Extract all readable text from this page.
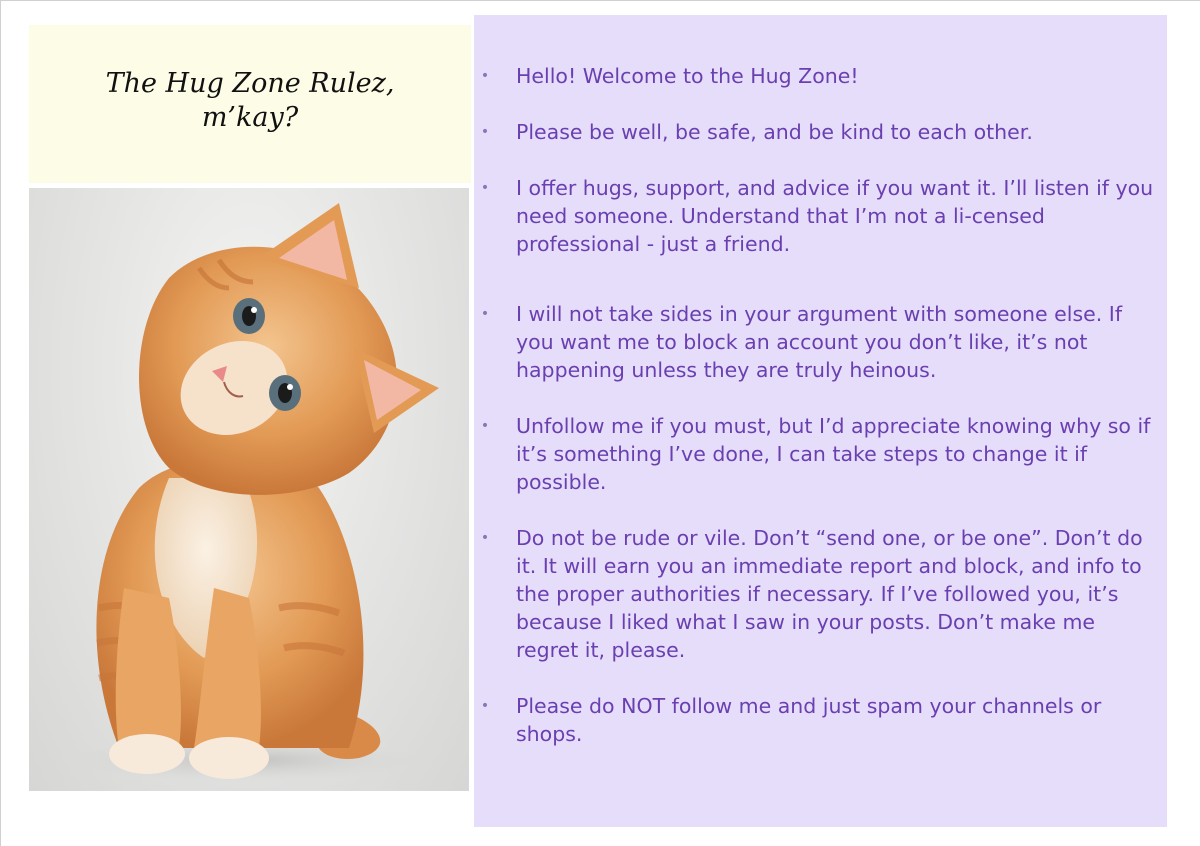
The Hug Zone Rulez,
m’kay?
• Hello! Welcome to the Hug Zone!
• Please be well, be safe, and be kind to each other.
• I offer hugs, support, and advice if you want it. I’ll listen if you need someone. Understand that I’m not a li-censed professional - just a friend.
• I will not take sides in your argument with someone else. If you want me to block an account you don’t like, it’s not happening unless they are truly heinous.
• Unfollow me if you must, but I’d appreciate knowing why so if it’s something I’ve done, I can take steps to change it if possible.
• Do not be rude or vile. Don’t “send one, or be one”. Don’t do it. It will earn you an immediate report and block, and info to the proper authorities if necessary. If I’ve followed you, it’s because I liked what I saw in your posts. Don’t make me regret it, please.
• Please do NOT follow me and just spam your channels or shops.
